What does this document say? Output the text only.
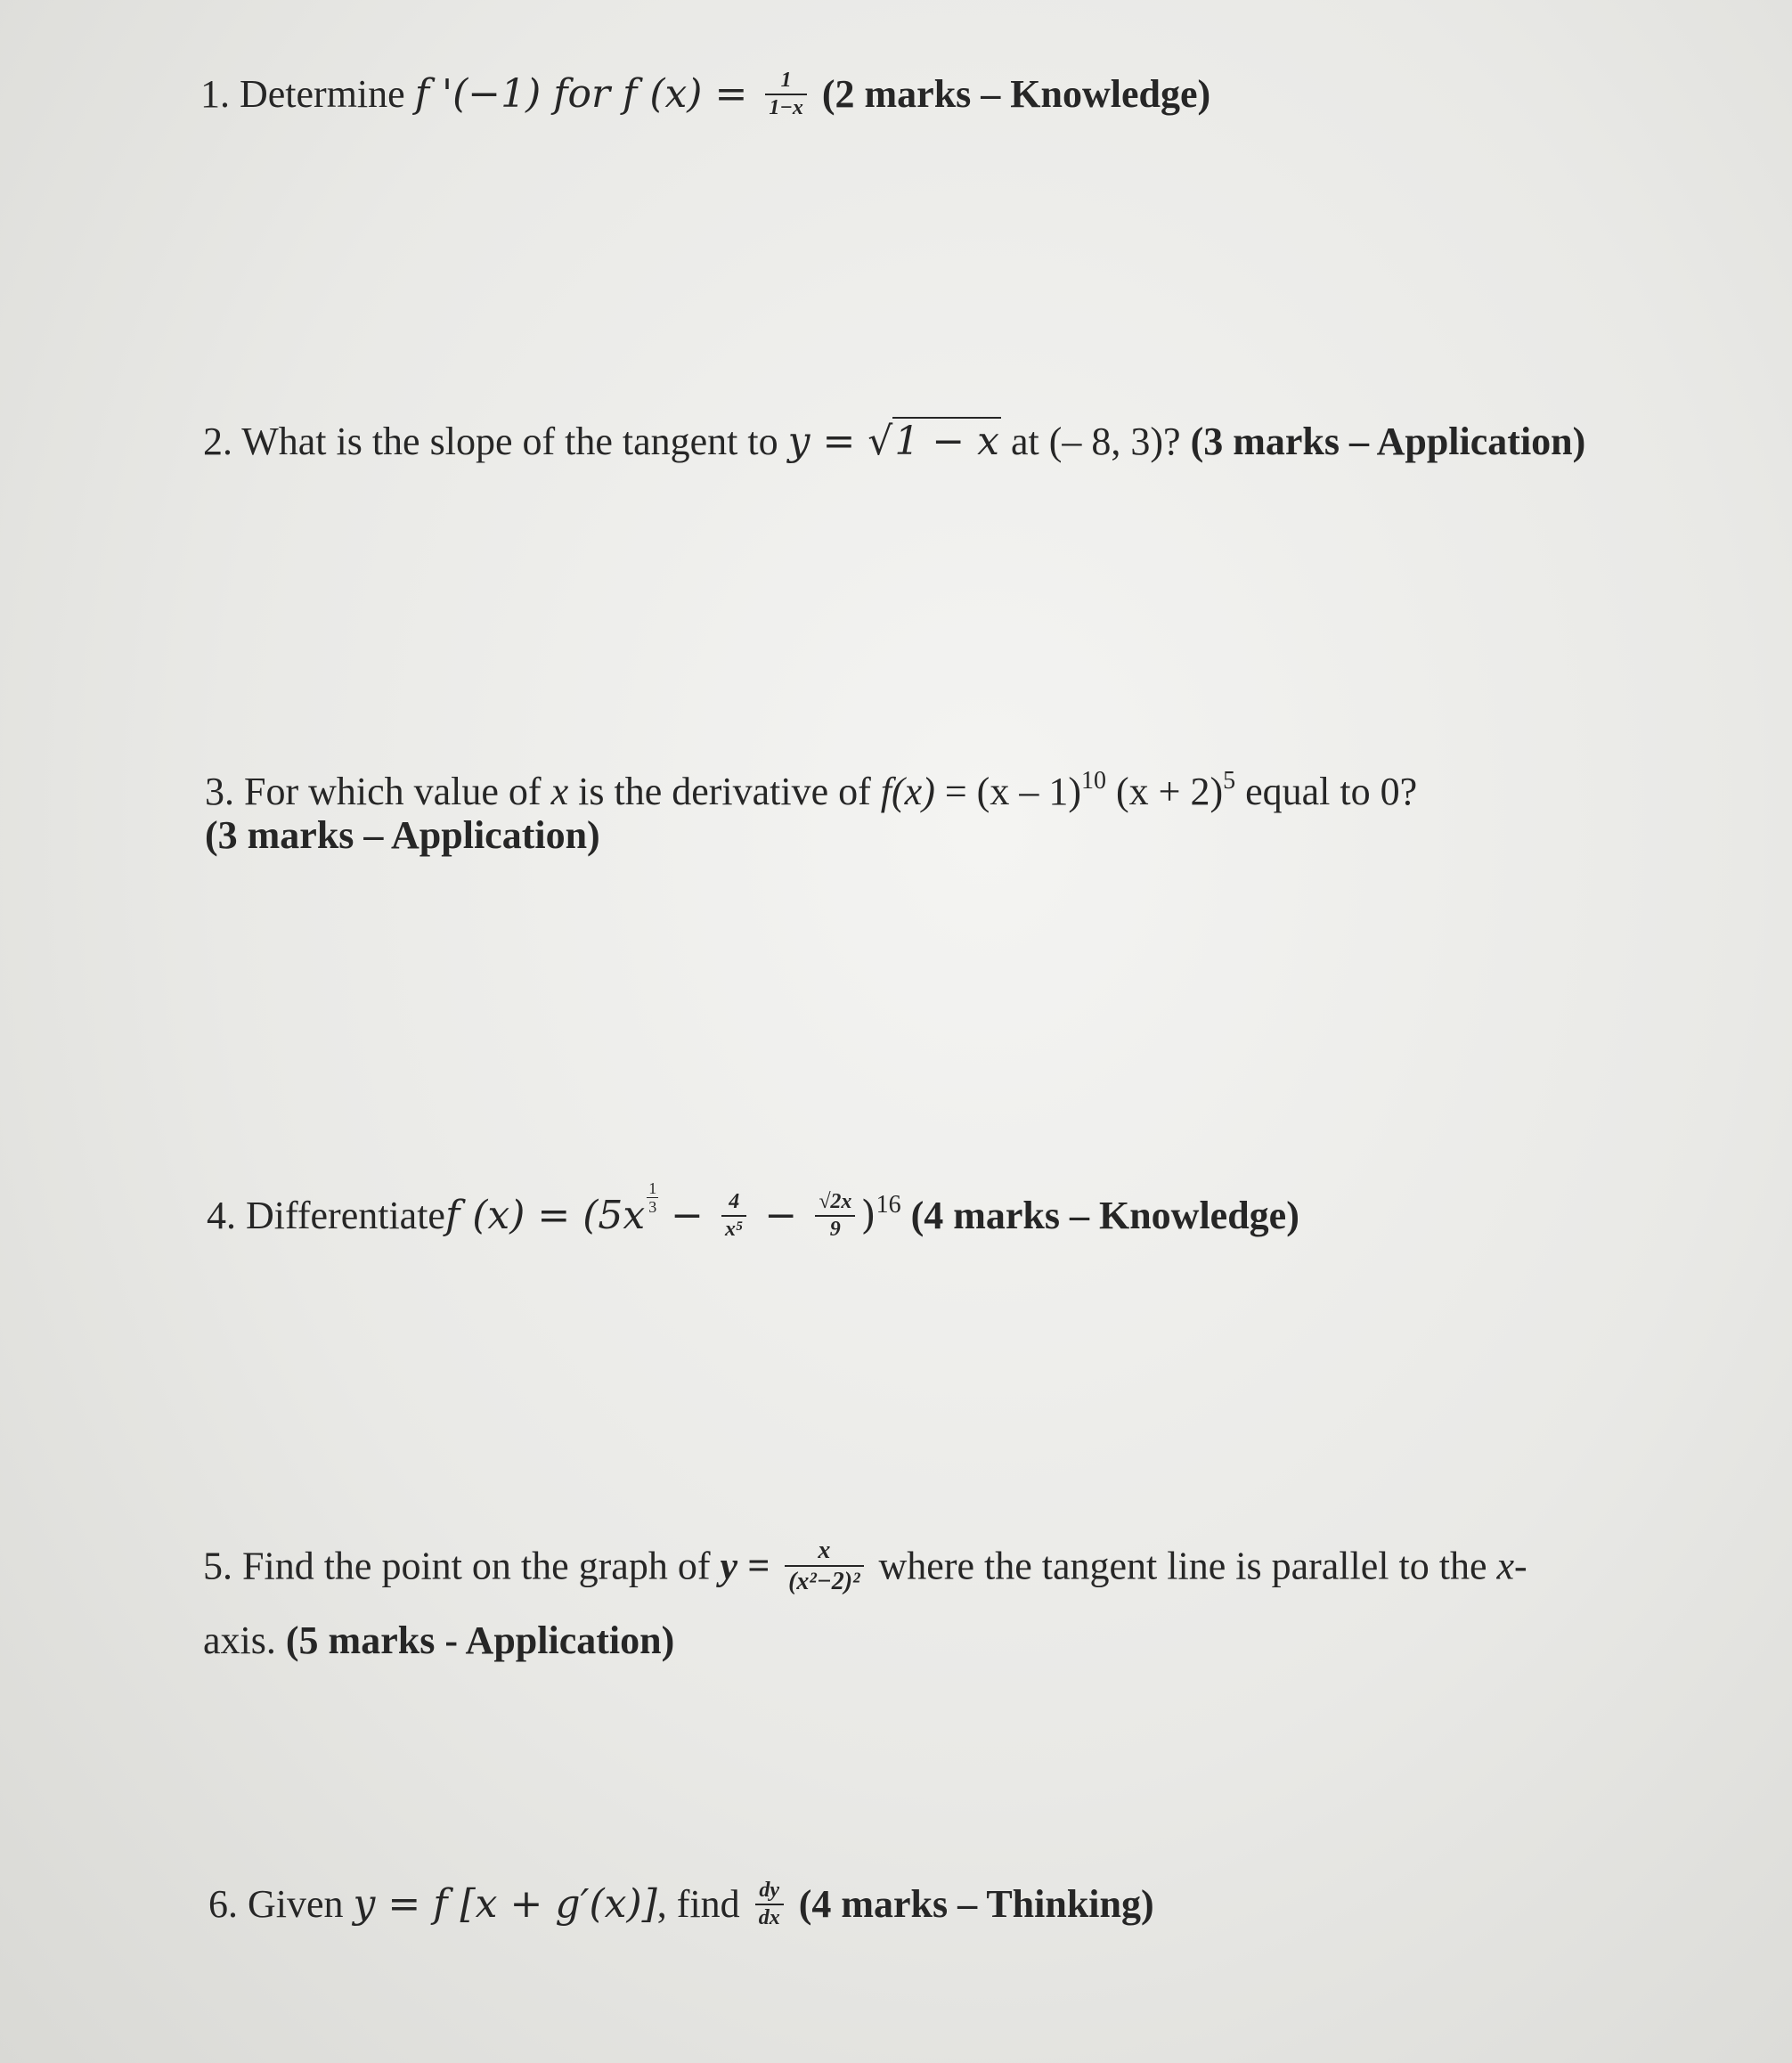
1. Determine f '(−1) for f $(x) = \frac{1}{1-x} (2$ marks – Knowledge)
2. What is the slope of the tangent to y = √1 − x at (– 8, 3)? (3 marks – Application)
3. For which value of x is the derivative of f(x) = (x – 1)$^{10}$ $(x + 2)^5$ equal to 0?
(3 marks – Application)
4. Differentiatef $(x) = (5x \frac{1}{3} - \frac{4}{\text{x⁵}} - \frac{√2x}{9} )^{16}$ (4 marks – Knowledge)
5. Find the point on the graph of $y = \frac{x}{\text{(x²−2)²}}$ where the tangent line is parallel to the x-
axis. (5 marks - Application)
6. Given y = f [x + g′(x)], find $\frac{dy}{dx} (4$ marks – Thinking)
